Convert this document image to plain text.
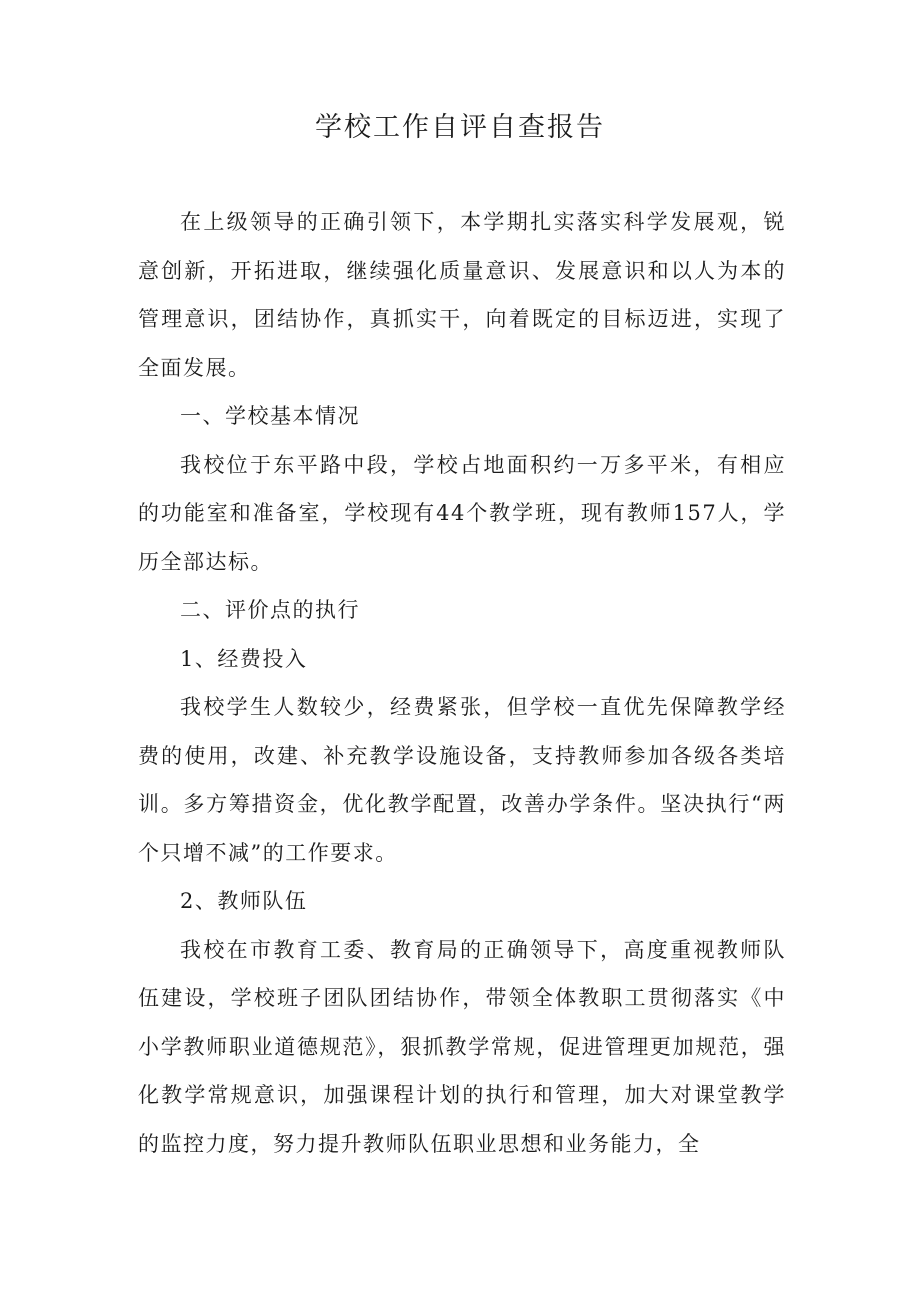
学校工作自评自查报告

在上级领导的正确引领下，本学期扎实落实科学发展观，锐意创新，开拓进取，继续强化质量意识、发展意识和以人为本的管理意识，团结协作，真抓实干，向着既定的目标迈进，实现了全面发展。

一、学校基本情况

我校位于东平路中段，学校占地面积约一万多平米，有相应的功能室和准备室，学校现有44个教学班，现有教师157人，学历全部达标。

二、评价点的执行

1、经费投入

我校学生人数较少，经费紧张，但学校一直优先保障教学经费的使用，改建、补充教学设施设备，支持教师参加各级各类培训。多方筹措资金，优化教学配置，改善办学条件。坚决执行“两个只增不减”的工作要求。

2、教师队伍

我校在市教育工委、教育局的正确领导下，高度重视教师队伍建设，学校班子团队团结协作，带领全体教职工贯彻落实《中小学教师职业道德规范》，狠抓教学常规，促进管理更加规范，强化教学常规意识，加强课程计划的执行和管理，加大对课堂教学的监控力度，努力提升教师队伍职业思想和业务能力，全
